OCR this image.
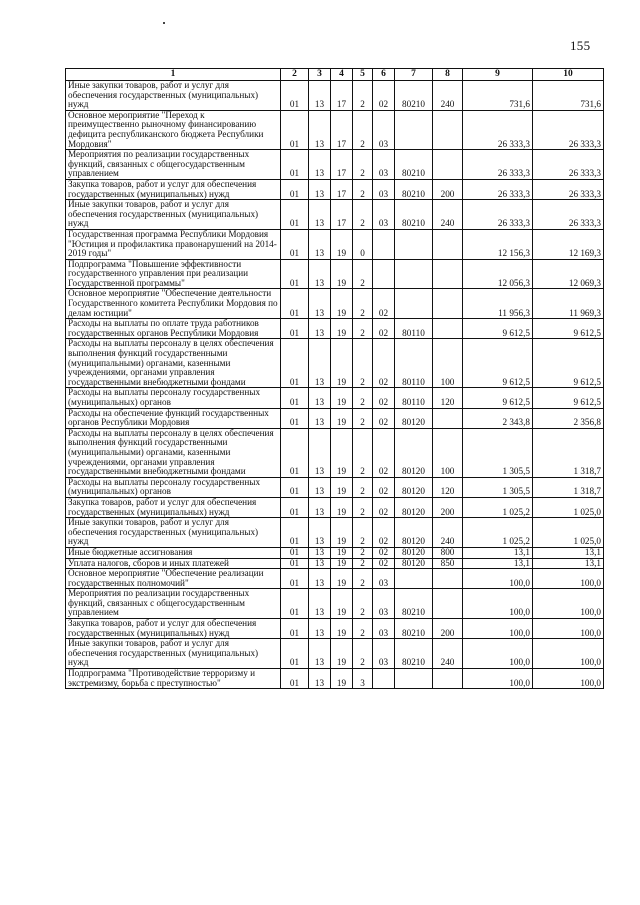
155
1	2	3	4	5	6	7	8	9	10
Иные закупки товаров, работ и услуг для обеспечения государственных (муниципальных) нужд	01	13	17	2	02	80210	240	731,6	731,6
Основное мероприятие "Переход к преимущественно рыночному финансированию дефицита республиканского бюджета Республики Мордовия"	01	13	17	2	03			26 333,3	26 333,3
Мероприятия по реализации государственных функций, связанных с общегосударственным управлением	01	13	17	2	03	80210		26 333,3	26 333,3
Закупка товаров, работ и услуг для обеспечения государственных (муниципальных) нужд	01	13	17	2	03	80210	200	26 333,3	26 333,3
Иные закупки товаров, работ и услуг для обеспечения государственных (муниципальных) нужд	01	13	17	2	03	80210	240	26 333,3	26 333,3
Государственная программа Республики Мордовия "Юстиция и профилактика правонарушений на 2014-2019 годы"	01	13	19	0				12 156,3	12 169,3
Подпрограмма "Повышение эффективности государственного управления при реализации Государственной программы"	01	13	19	2				12 056,3	12 069,3
Основное мероприятие "Обеспечение деятельности Государственного комитета Республики Мордовия по делам юстиции"	01	13	19	2	02			11 956,3	11 969,3
Расходы на выплаты по оплате труда работников государственных органов Республики Мордовия	01	13	19	2	02	80110		9 612,5	9 612,5
Расходы на выплаты персоналу в целях обеспечения выполнения функций государственными (муниципальными) органами, казенными учреждениями, органами управления государственными внебюджетными фондами	01	13	19	2	02	80110	100	9 612,5	9 612,5
Расходы на выплаты персоналу государственных (муниципальных) органов	01	13	19	2	02	80110	120	9 612,5	9 612,5
Расходы на обеспечение функций государственных органов Республики Мордовия	01	13	19	2	02	80120		2 343,8	2 356,8
Расходы на выплаты персоналу в целях обеспечения выполнения функций государственными (муниципальными) органами, казенными учреждениями, органами управления государственными внебюджетными фондами	01	13	19	2	02	80120	100	1 305,5	1 318,7
Расходы на выплаты персоналу государственных (муниципальных) органов	01	13	19	2	02	80120	120	1 305,5	1 318,7
Закупка товаров, работ и услуг для обеспечения государственных (муниципальных) нужд	01	13	19	2	02	80120	200	1 025,2	1 025,0
Иные закупки товаров, работ и услуг для обеспечения государственных (муниципальных) нужд	01	13	19	2	02	80120	240	1 025,2	1 025,0
Иные бюджетные ассигнования	01	13	19	2	02	80120	800	13,1	13,1
Уплата налогов, сборов и иных платежей	01	13	19	2	02	80120	850	13,1	13,1
Основное мероприятие "Обеспечение реализации государственных полномочий"	01	13	19	2	03			100,0	100,0
Мероприятия по реализации государственных функций, связанных с общегосударственным управлением	01	13	19	2	03	80210		100,0	100,0
Закупка товаров, работ и услуг для обеспечения государственных (муниципальных) нужд	01	13	19	2	03	80210	200	100,0	100,0
Иные закупки товаров, работ и услуг для обеспечения государственных (муниципальных) нужд	01	13	19	2	03	80210	240	100,0	100,0
Подпрограмма "Противодействие терроризму и экстремизму, борьба с преступностью"	01	13	19	3				100,0	100,0
